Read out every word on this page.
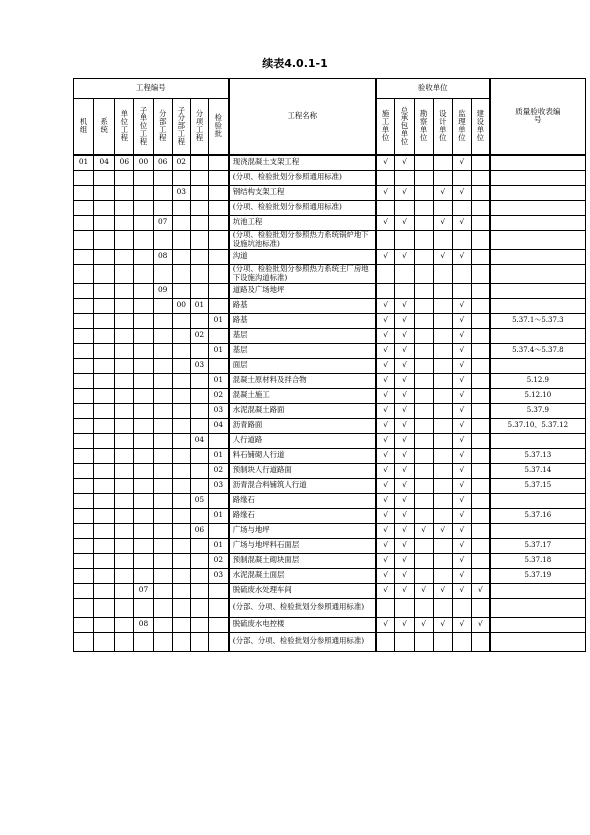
续表4.0.1-1
工程编号								工程名称	验收单位						质量验收表编号

机组	系统	单位工程	子单位工程	分部工程	子分部工程	分项工程	检验批		施工单位	总承包单位	勘察单位	设计单位	监理单位	建设单位	
01	04	06	00	06	02			现浇混凝土支架工程	√	√			√		
								(分项、检验批划分参照通用标准)							
					03			钢结构支架工程	√	√		√	√		
								(分项、检验批划分参照通用标准)							
				07				坑池工程	√	√		√	√		
								(分项、检验批划分参照热力系统锅炉地下设施坑池标准)							
				08				沟道	√	√		√	√		
								(分项、检验批划分参照热力系统主厂房地下设施沟道标准)							
				09				道路及广场地坪							
					00	01		路基	√	√			√		
							01	路基	√	√			√		5.37.1～5.37.3
						02		基层	√	√			√		
							01	基层	√	√			√		5.37.4～5.37.8
						03		面层	√	√			√		
							01	混凝土原材料及拌合物	√	√			√		5.12.9
							02	混凝土施工	√	√			√		5.12.10
							03	水泥混凝土路面	√	√			√		5.37.9
							04	沥青路面	√	√			√		5.37.10、5.37.12
						04		人行道路	√	√			√		
							01	料石铺砌人行道	√	√			√		5.37.13
							02	预制块人行道路面	√	√			√		5.37.14
							03	沥青混合料铺筑人行道	√	√			√		5.37.15
						05		路缘石	√	√			√		
							01	路缘石	√	√			√		5.37.16
						06		广场与地坪	√	√	√	√	√		
							01	广场与地坪料石面层	√	√			√		5.37.17
							02	预制混凝土砌块面层	√	√			√		5.37.18
							03	水泥混凝土面层	√	√			√		5.37.19
			07					脱硫废水处理车间	√	√	√	√	√	√	
								(分部、分项、检验批划分参照通用标准)							
			08					脱硫废水电控楼	√	√	√	√	√	√	
								(分部、分项、检验批划分参照通用标准)							
